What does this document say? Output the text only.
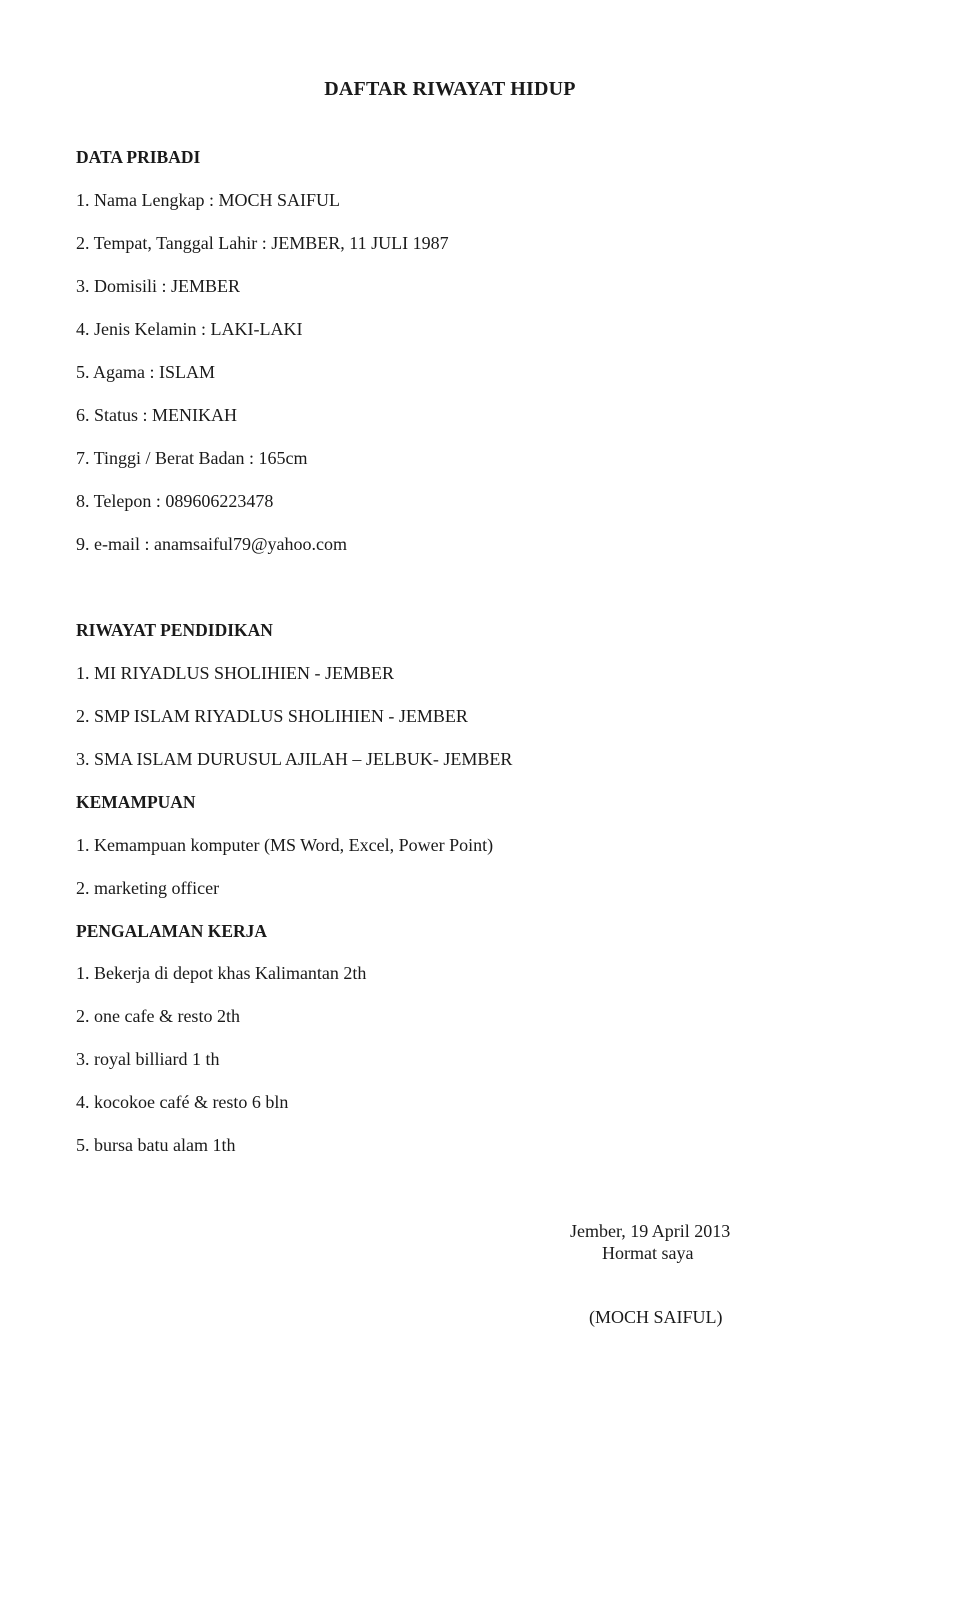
DAFTAR RIWAYAT HIDUP
DATA PRIBADI
1. Nama Lengkap : MOCH SAIFUL
2. Tempat, Tanggal Lahir : JEMBER, 11 JULI 1987
3. Domisili : JEMBER
4. Jenis Kelamin : LAKI-LAKI
5. Agama : ISLAM
6. Status : MENIKAH
7. Tinggi / Berat Badan : 165cm
8. Telepon : 089606223478
9. e-mail : anamsaiful79@yahoo.com
RIWAYAT PENDIDIKAN
1. MI RIYADLUS SHOLIHIEN - JEMBER
2. SMP ISLAM RIYADLUS SHOLIHIEN - JEMBER
3. SMA ISLAM DURUSUL AJILAH – JELBUK- JEMBER
KEMAMPUAN
1. Kemampuan komputer (MS Word, Excel, Power Point)
2. marketing officer
PENGALAMAN KERJA
1. Bekerja di depot khas Kalimantan 2th
2. one cafe & resto 2th
3. royal billiard 1 th
4. kocokoe café & resto 6 bln
5. bursa batu alam 1th
Jember, 19 April 2013
Hormat saya
(MOCH SAIFUL)
